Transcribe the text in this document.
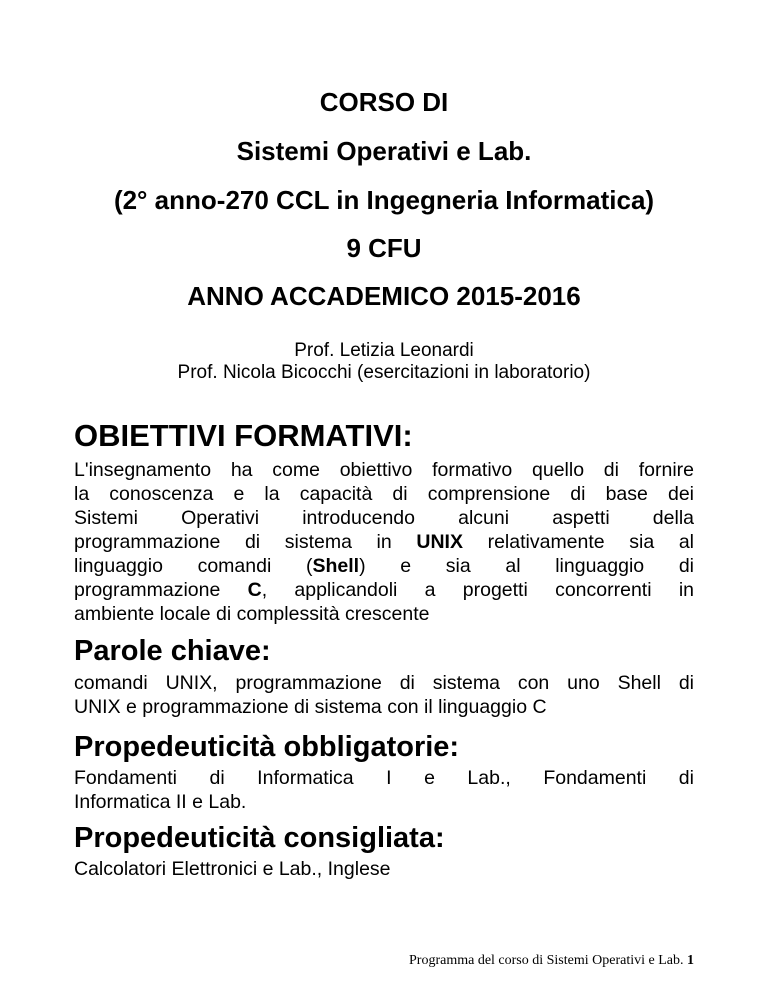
CORSO DI
Sistemi Operativi e Lab.
(2° anno-270 CCL in Ingegneria Informatica)
9 CFU
ANNO ACCADEMICO 2015-2016
Prof. Letizia Leonardi
Prof. Nicola Bicocchi (esercitazioni in laboratorio)
OBIETTIVI FORMATIVI:
L'insegnamento ha come obiettivo formativo quello di fornire
la conoscenza e la capacità di comprensione di base dei
Sistemi Operativi introducendo alcuni aspetti della
programmazione di sistema in UNIX relativamente sia al
linguaggio comandi (Shell) e sia al linguaggio di
programmazione C, applicandoli a progetti concorrenti in
ambiente locale di complessità crescente
Parole chiave:
comandi UNIX, programmazione di sistema con uno Shell di
UNIX e programmazione di sistema con il linguaggio C
Propedeuticità obbligatorie:
Fondamenti di Informatica I e Lab., Fondamenti di
Informatica II e Lab.
Propedeuticità consigliata:
Calcolatori Elettronici e Lab., Inglese
Programma del corso di Sistemi Operativi e Lab. 1
